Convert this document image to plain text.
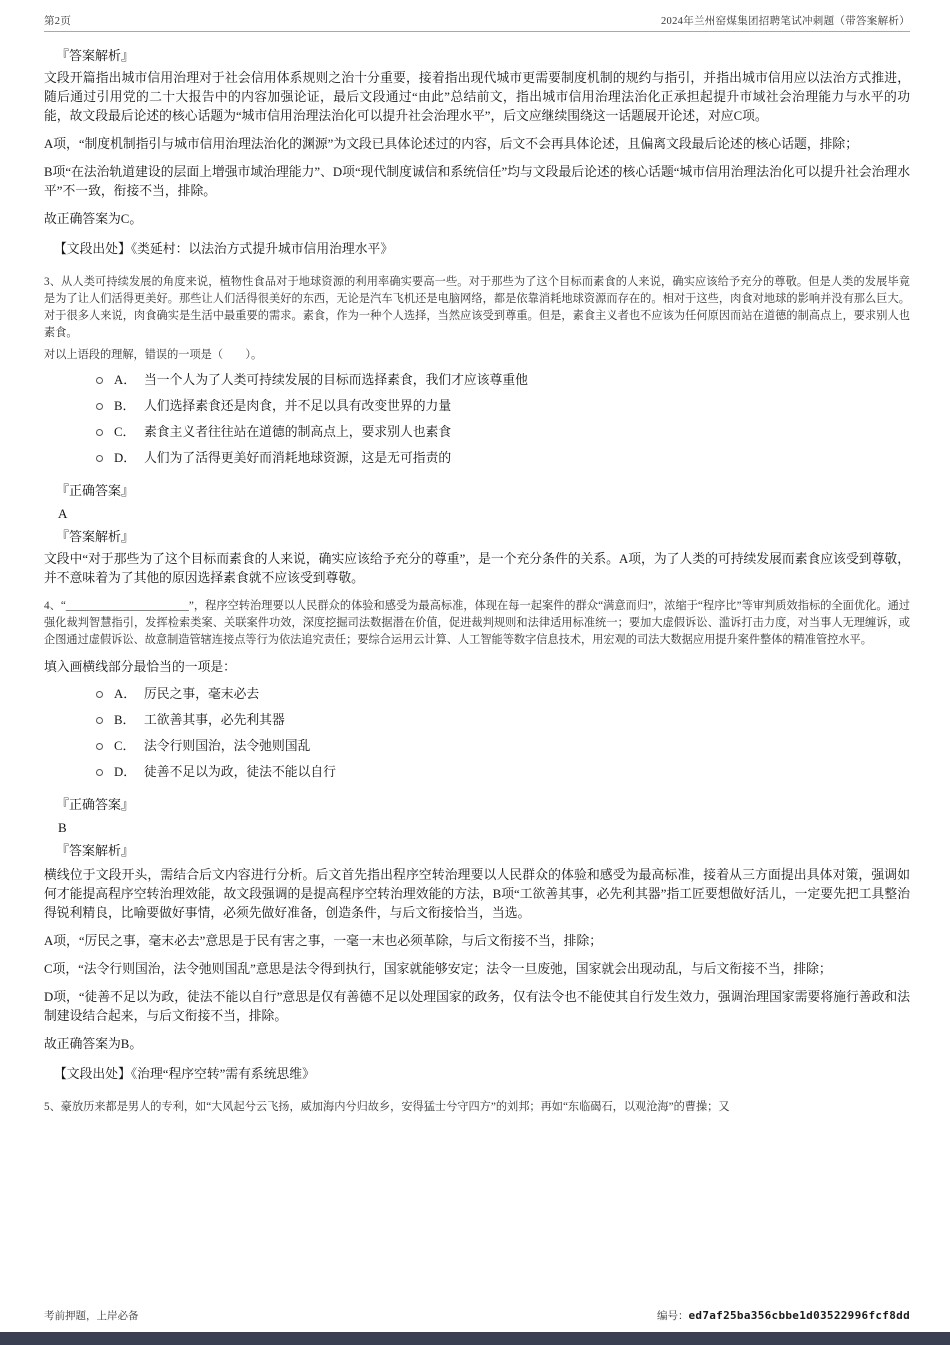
第2页	2024年兰州窑煤集团招聘笔试冲刺题（带答案解析）
『答案解析』

文段开篇指出城市信用治理对于社会信用体系规则之治十分重要，接着指出现代城市更需要制度机制的规约与指引，并指出城市信用应以法治方式推进，随后通过引用党的二十大报告中的内容加强论证，最后文段通过“由此”总结前文，指出城市信用治理法治化正承担起提升市域社会治理能力与水平的功能，故文段最后论述的核心话题为“城市信用治理法治化可以提升社会治理水平”，后文应继续围绕这一话题展开论述，对应C项。

A项，“制度机制指引与城市信用治理法治化的渊源”为文段已具体论述过的内容，后文不会再具体论述，且偏离文段最后论述的核心话题，排除；

B项“在法治轨道建设的层面上增强市域治理能力”、D项“现代制度诚信和系统信任”均与文段最后论述的核心话题“城市信用治理法治化可以提升社会治理水平”不一致，衔接不当，排除。

故正确答案为C。

【文段出处】《类延村：以法治方式提升城市信用治理水平》

3、从人类可持续发展的角度来说，植物性食品对于地球资源的利用率确实要高一些。对于那些为了这个目标而素食的人来说，确实应该给予充分的尊敬。但是人类的发展毕竟是为了让人们活得更美好。那些让人们活得很美好的东西，无论是汽车飞机还是电脑网络，都是依靠消耗地球资源而存在的。相对于这些，肉食对地球的影响并没有那么巨大。对于很多人来说，肉食确实是生活中最重要的需求。素食，作为一种个人选择，当然应该受到尊重。但是，素食主义者也不应该为任何原因而站在道德的制高点上，要求别人也素食。

对以上语段的理解，错误的一项是（　　）。

A． 当一个人为了人类可持续发展的目标而选择素食，我们才应该尊重他
B． 人们选择素食还是肉食，并不足以具有改变世界的力量
C． 素食主义者往往站在道德的制高点上，要求别人也素食
D． 人们为了活得更美好而消耗地球资源，这是无可指责的
『正确答案』
A
『答案解析』

文段中“对于那些为了这个目标而素食的人来说，确实应该给予充分的尊重”，是一个充分条件的关系。A项，为了人类的可持续发展而素食应该受到尊敬，并不意味着为了其他的原因选择素食就不应该受到尊敬。

4、“______________________”，程序空转治理要以人民群众的体验和感受为最高标准，体现在每一起案件的群众“满意而归”，浓缩于“程序比”等审判质效指标的全面优化。通过强化裁判智慧指引，发挥检索类案、关联案件功效，深度挖掘司法数据潜在价值，促进裁判规则和法律适用标准统一；要加大虚假诉讼、滥诉打击力度，对当事人无理缠诉，或企图通过虚假诉讼、故意制造管辖连接点等行为依法追究责任；要综合运用云计算、人工智能等数字信息技术，用宏观的司法大数据应用提升案件整体的精准管控水平。

填入画横线部分最恰当的一项是：

A． 厉民之事，毫末必去
B． 工欲善其事，必先利其器
C． 法令行则国治，法令弛则国乱
D． 徒善不足以为政，徒法不能以自行
『正确答案』
B
『答案解析』

横线位于文段开头，需结合后文内容进行分析。后文首先指出程序空转治理要以人民群众的体验和感受为最高标准，接着从三方面提出具体对策，强调如何才能提高程序空转治理效能，故文段强调的是提高程序空转治理效能的方法，B项“工欲善其事，必先利其器”指工匠要想做好活儿，一定要先把工具整治得锐利精良，比喻要做好事情，必须先做好准备，创造条件，与后文衔接恰当，当选。

A项，“厉民之事，毫末必去”意思是于民有害之事，一毫一末也必须革除，与后文衔接不当，排除；

C项，“法令行则国治，法令弛则国乱”意思是法令得到执行，国家就能够安定；法令一旦废弛，国家就会出现动乱，与后文衔接不当，排除；

D项，“徒善不足以为政，徒法不能以自行”意思是仅有善德不足以处理国家的政务，仅有法令也不能使其自行发生效力，强调治理国家需要将施行善政和法制建设结合起来，与后文衔接不当，排除。

故正确答案为B。

【文段出处】《治理“程序空转”需有系统思维》

5、豪放历来都是男人的专利，如“大风起兮云飞扬，威加海内兮归故乡，安得猛士兮守四方”的刘邦；再如“东临碣石，以观沧海”的曹操；又

考前押题，上岸必备	编号：ed7af25ba356cbbe1d03522996fcf8dd
